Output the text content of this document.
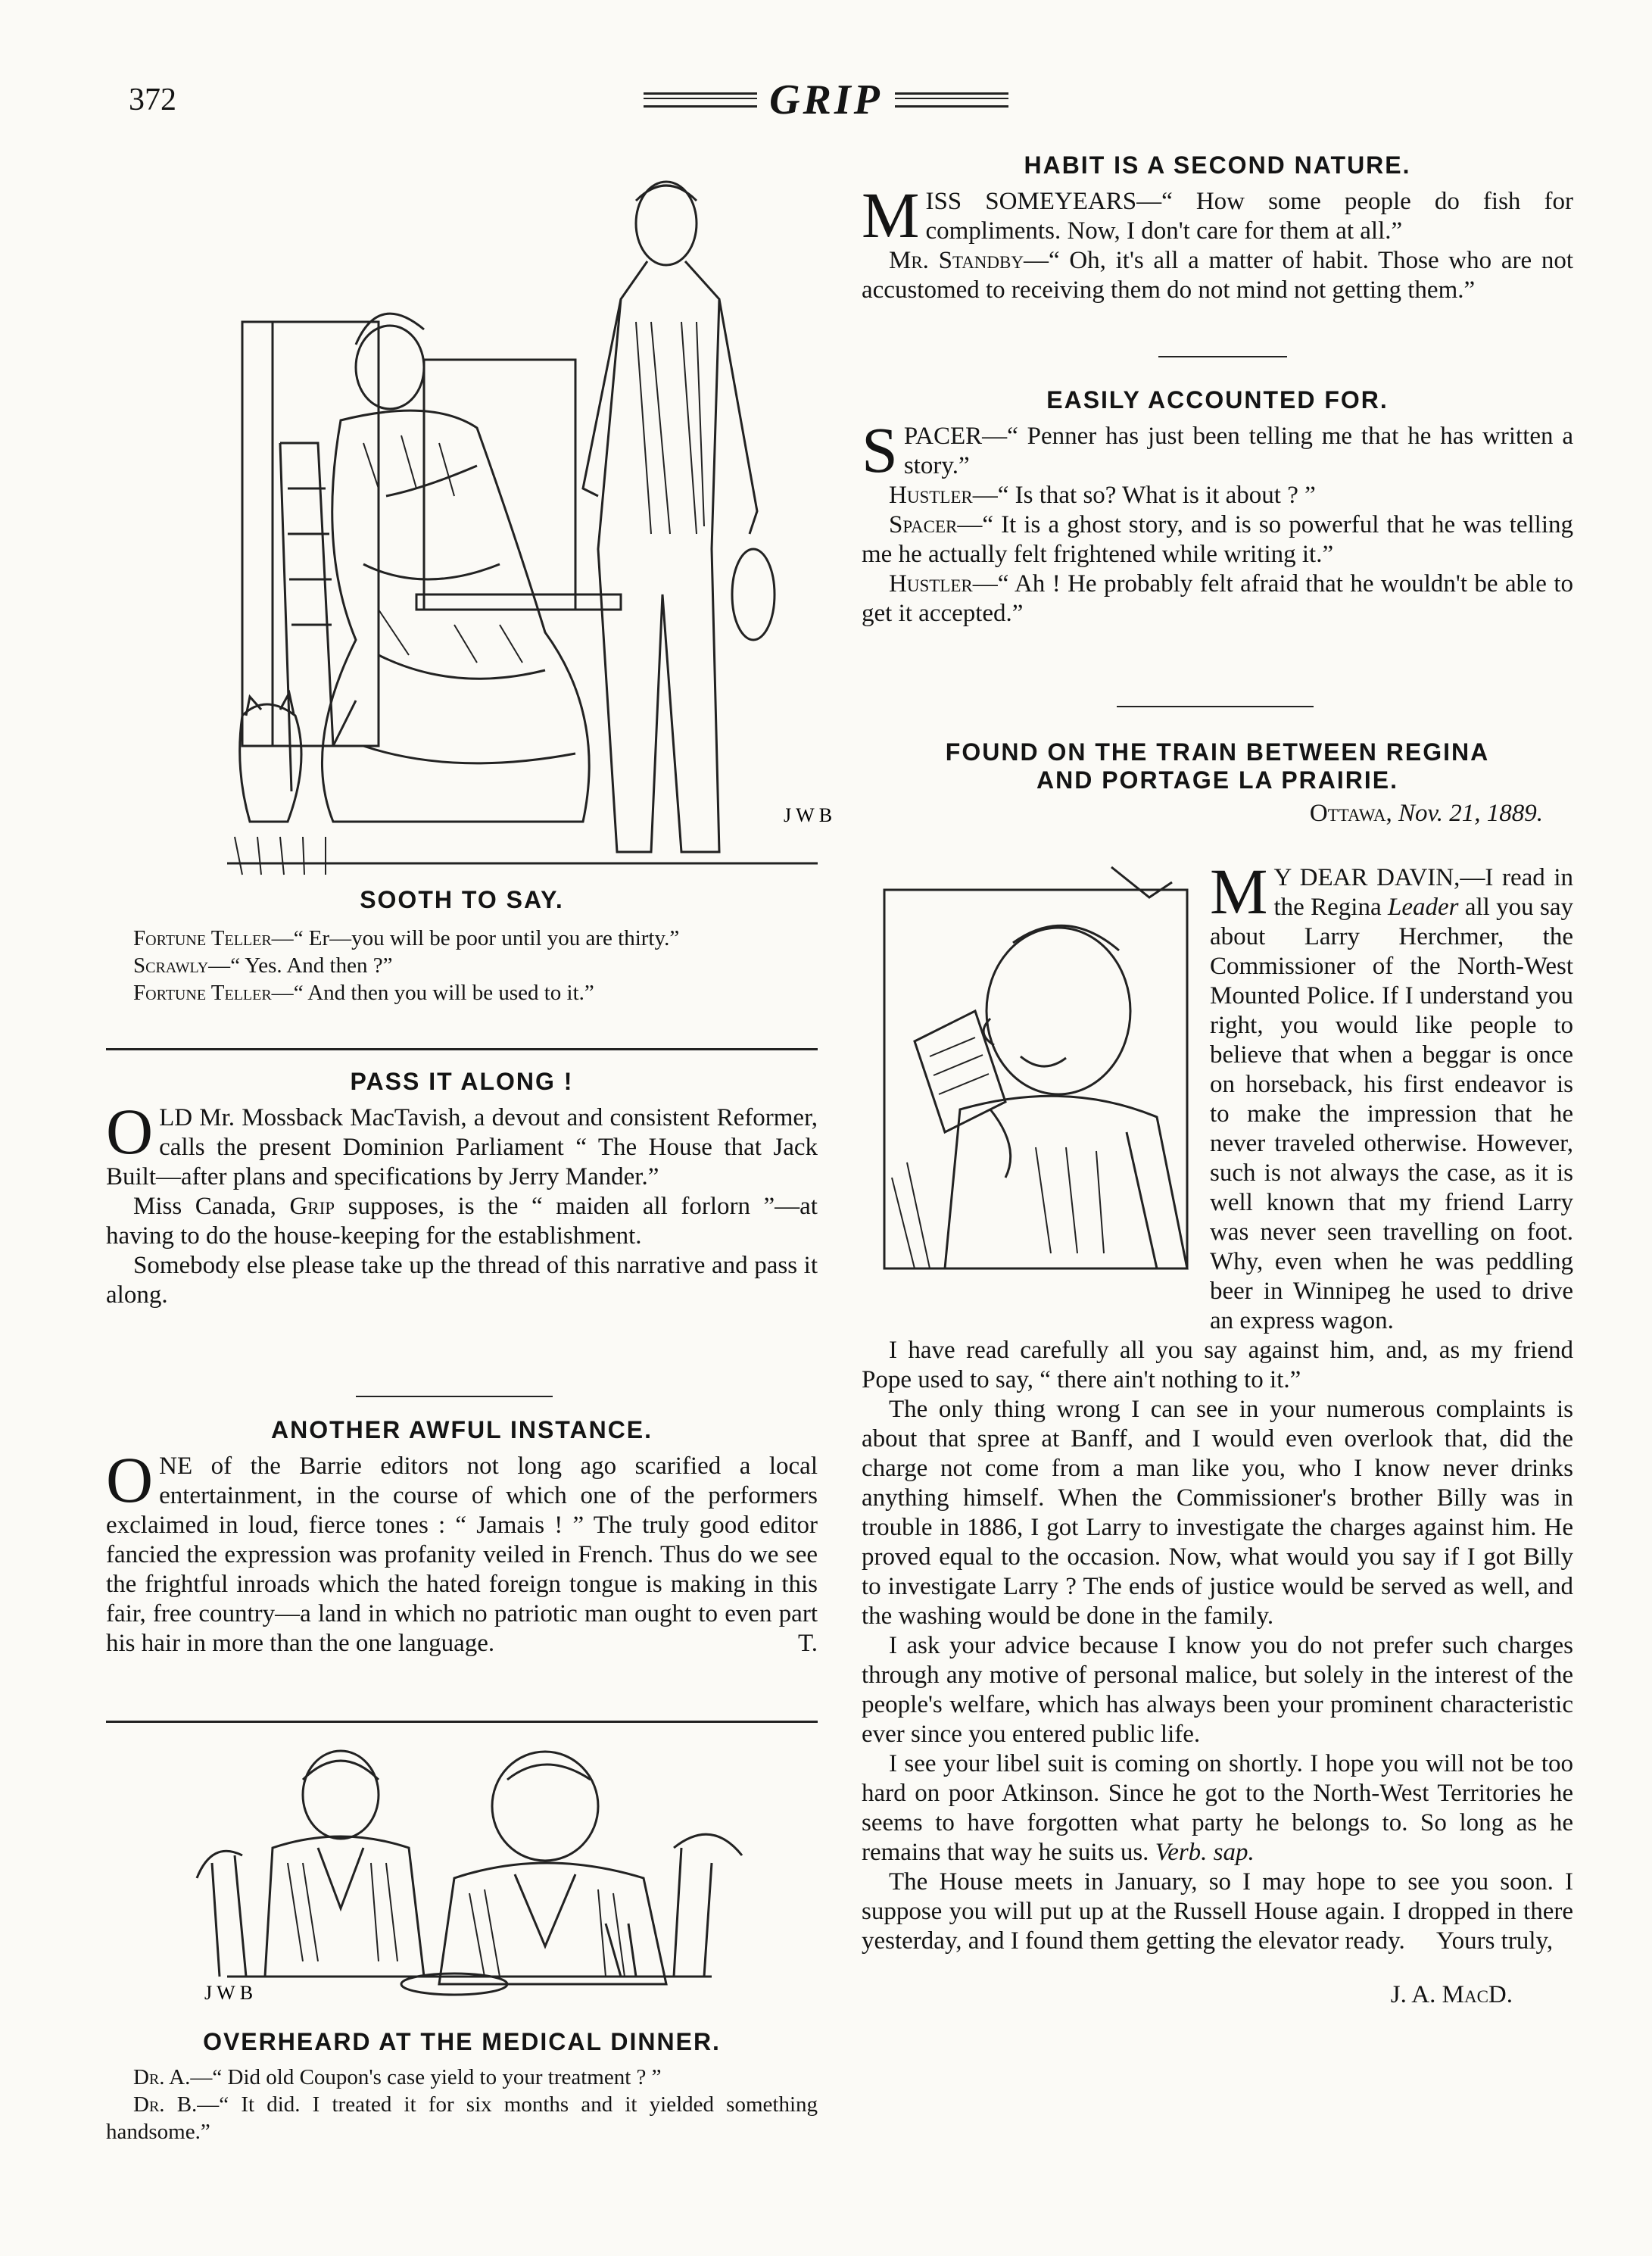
372	GRIP
J W B

SOOTH TO SAY.

Fortune Teller—“ Er—you will be poor until you are thirty.”

Scrawly—“ Yes. And then ?”

Fortune Teller—“ And then you will be used to it.”

PASS IT ALONG !

OLD Mr. Mossback MacTavish, a devout and consistent Reformer, calls the present Dominion Parliament “ The House that Jack Built—after plans and specifications by Jerry Mander.”

Miss Canada, Grip supposes, is the “ maiden all forlorn ”—at having to do the house-keeping for the establishment.

Somebody else please take up the thread of this narrative and pass it along.

ANOTHER AWFUL INSTANCE.

ONE of the Barrie editors not long ago scarified a local entertainment, in the course of which one of the performers exclaimed in loud, fierce tones : “ Jamais ! ” The truly good editor fancied the expression was profanity veiled in French. Thus do we see the frightful inroads which the hated foreign tongue is making in this fair, free country—a land in which no patriotic man ought to even part his hair in more than the one language.	T.

J W B

OVERHEARD AT THE MEDICAL DINNER.

Dr. A.—“ Did old Coupon's case yield to your treatment ? ”

Dr. B.—“ It did. I treated it for six months and it yielded something handsome.”

HABIT IS A SECOND NATURE.

MISS SOMEYEARS—“ How some people do fish for compliments. Now, I don't care for them at all.”

Mr. Standby—“ Oh, it's all a matter of habit. Those who are not accustomed to receiving them do not mind not getting them.”

EASILY ACCOUNTED FOR.

SPACER—“ Penner has just been telling me that he has written a story.”

Hustler—“ Is that so? What is it about ? ”

Spacer—“ It is a ghost story, and is so powerful that he was telling me he actually felt frightened while writing it.”

Hustler—“ Ah ! He probably felt afraid that he wouldn't be able to get it accepted.”

FOUND ON THE TRAIN BETWEEN REGINA

AND PORTAGE LA PRAIRIE.

Ottawa, Nov. 21, 1889.

M Y DEAR DAVIN,—I read in the Regina Leader all you say about Larry Herchmer, the Commissioner of the North-West Mounted Police. If I understand you right, you would like people to believe that when a beggar is once on horseback, his first endeavor is to make the impression that he never traveled otherwise. However, such is not always the case, as it is well known that my friend Larry was never seen travelling on foot. Why, even when he was peddling beer in Winnipeg he used to drive an express wagon.

I have read carefully all you say against him, and, as my friend Pope used to say, “ there ain't nothing to it.”

The only thing wrong I can see in your numerous complaints is about that spree at Banff, and I would even overlook that, did the charge not come from a man like you, who I know never drinks anything himself. When the Commissioner's brother Billy was in trouble in 1886, I got Larry to investigate the charges against him. He proved equal to the occasion. Now, what would you say if I got Billy to investigate Larry ? The ends of justice would be served as well, and the washing would be done in the family.

I ask your advice because I know you do not prefer such charges through any motive of personal malice, but solely in the interest of the people's welfare, which has always been your prominent characteristic ever since you entered public life.

I see your libel suit is coming on shortly. I hope you will not be too hard on poor Atkinson. Since he got to the North-West Territories he seems to have forgotten what party he belongs to. So long as he remains that way he suits us. Verb. sap.

The House meets in January, so I may hope to see you soon. I suppose you will put up at the Russell House again. I dropped in there yesterday, and I found them getting the elevator ready. Yours truly,

J. A. MacD.
